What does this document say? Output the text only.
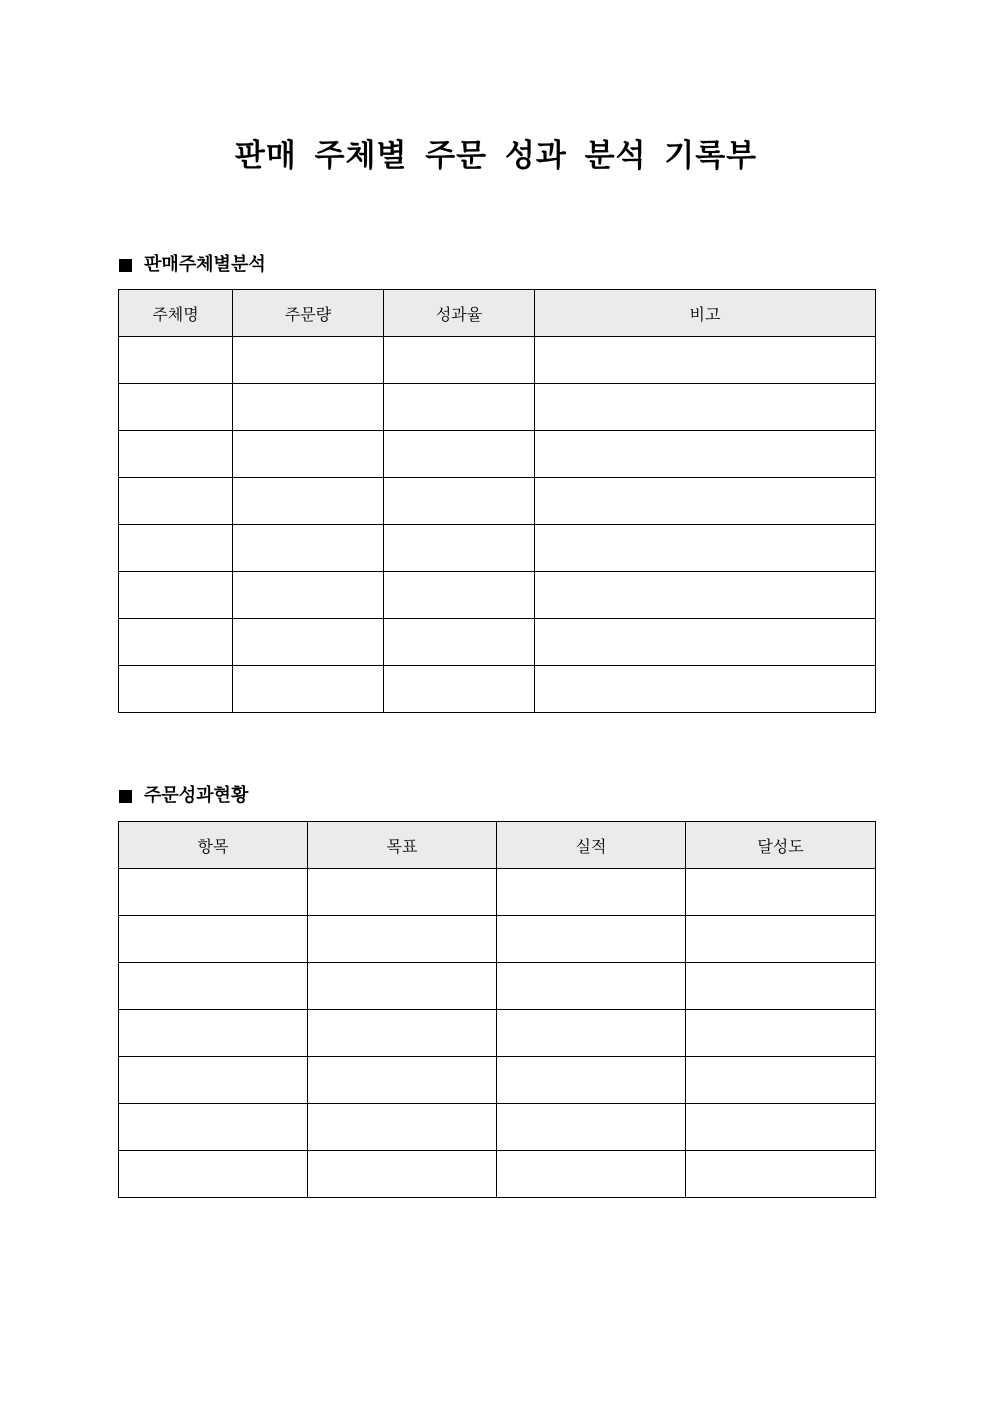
판매 주체별 주문 성과 분석 기록부
판매주체별분석
주체명	주문량	성과율	비고

주문성과현황
항목	목표	실적	달성도
